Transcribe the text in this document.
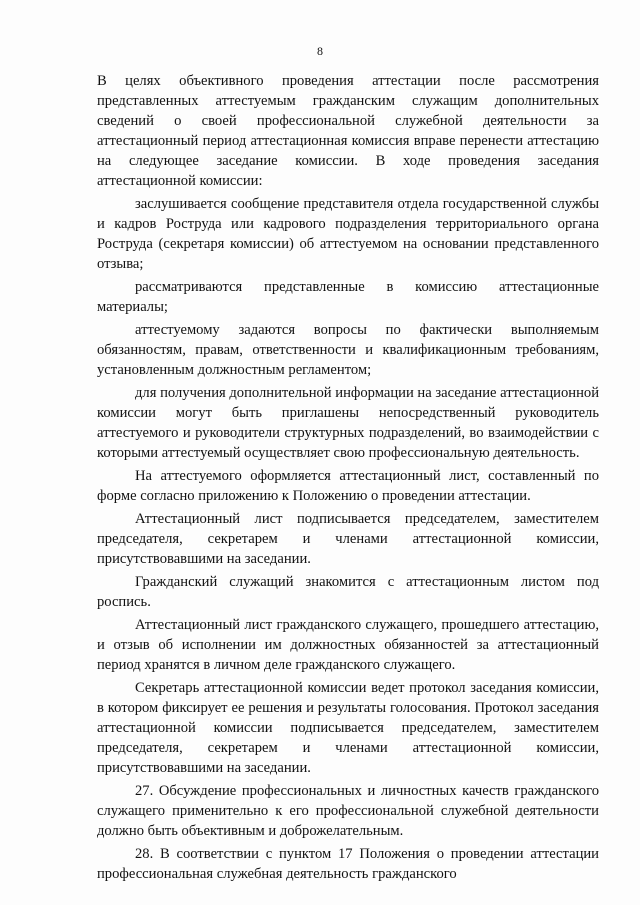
8

В целях объективного проведения аттестации после рассмотрения представленных аттестуемым гражданским служащим дополнительных сведений о своей профессиональной служебной деятельности за аттестационный период аттестационная комиссия вправе перенести аттестацию на следующее заседание комиссии. В ходе проведения заседания аттестационной комиссии:

заслушивается сообщение представителя отдела государственной службы и кадров Роструда или кадрового подразделения территориального органа Роструда (секретаря комиссии) об аттестуемом на основании представленного отзыва;

рассматриваются представленные в комиссию аттестационные материалы;

аттестуемому задаются вопросы по фактически выполняемым обязанностям, правам, ответственности и квалификационным требованиям, установленным должностным регламентом;

для получения дополнительной информации на заседание аттестационной комиссии могут быть приглашены непосредственный руководитель аттестуемого и руководители структурных подразделений, во взаимодействии с которыми аттестуемый осуществляет свою профессиональную деятельность.

На аттестуемого оформляется аттестационный лист, составленный по форме согласно приложению к Положению о проведении аттестации.

Аттестационный лист подписывается председателем, заместителем председателя, секретарем и членами аттестационной комиссии, присутствовавшими на заседании.

Гражданский служащий знакомится с аттестационным листом под роспись.

Аттестационный лист гражданского служащего, прошедшего аттестацию, и отзыв об исполнении им должностных обязанностей за аттестационный период хранятся в личном деле гражданского служащего.

Секретарь аттестационной комиссии ведет протокол заседания комиссии, в котором фиксирует ее решения и результаты голосования. Протокол заседания аттестационной комиссии подписывается председателем, заместителем председателя, секретарем и членами аттестационной комиссии, присутствовавшими на заседании.

27. Обсуждение профессиональных и личностных качеств гражданского служащего применительно к его профессиональной служебной деятельности должно быть объективным и доброжелательным.

28. В соответствии с пунктом 17 Положения о проведении аттестации профессиональная служебная деятельность гражданского
